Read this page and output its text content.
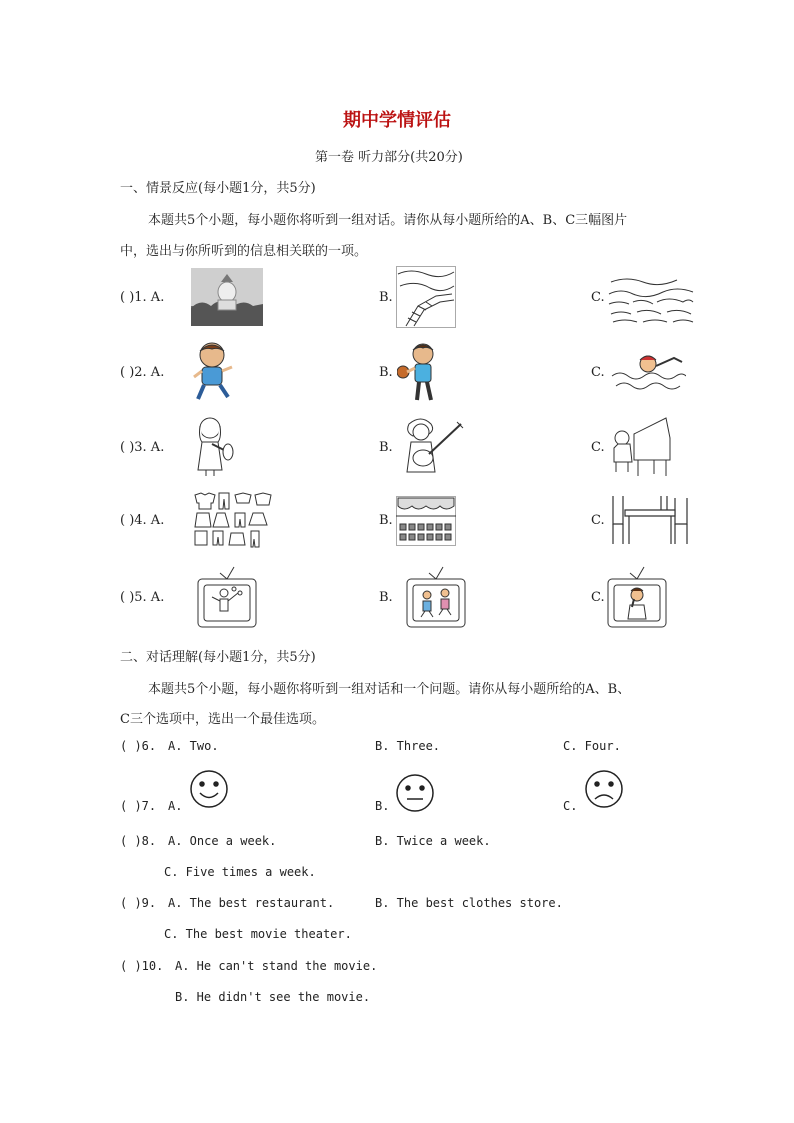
期中学情评估
第一卷 听力部分(共20分)
一、情景反应(每小题1分，共5分)
本题共5个小题，每小题你将听到一组对话。请你从每小题所给的A、B、C三幅图片
中，选出与你所听到的信息相关联的一项。
( )1. A.	B.	C.
( )2. A.	B.	C.
( )3. A.	B.	C.
( )4. A.	B.	C.
( )5. A.	B.	C.
二、对话理解(每小题1分，共5分)
本题共5个小题，每小题你将听到一组对话和一个问题。请你从每小题所给的A、B、
C三个选项中，选出一个最佳选项。
( )6. A. Two.	B. Three.	C. Four.
( )7. A.	B.	C.
( )8. A. Once a week.	B. Twice a week.
C. Five times a week.
( )9. A. The best restaurant.	B. The best clothes store.
C. The best movie theater.
( )10. A. He can't stand the movie.
B. He didn't see the movie.
